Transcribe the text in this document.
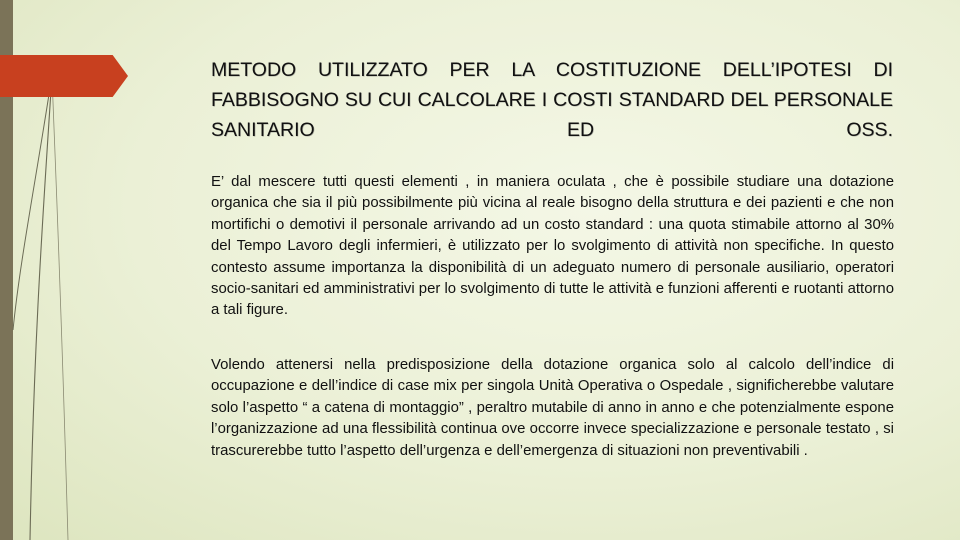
METODO UTILIZZATO PER LA COSTITUZIONE DELL’IPOTESI DI FABBISOGNO SU CUI CALCOLARE I COSTI STANDARD DEL PERSONALE SANITARIO ED OSS.

E’ dal mescere tutti questi elementi , in maniera oculata , che è possibile studiare una dotazione organica che sia il più possibilmente più vicina al reale bisogno della struttura e dei pazienti e che non mortifichi o demotivi il personale arrivando ad un costo standard : una quota stimabile attorno al 30% del Tempo Lavoro degli infermieri, è utilizzato per lo svolgimento di attività non specifiche. In questo contesto assume importanza la disponibilità di un adeguato numero di personale ausiliario, operatori socio-sanitari ed amministrativi per lo svolgimento di tutte le attività e funzioni afferenti e ruotanti attorno a tali figure.

Volendo attenersi nella predisposizione della dotazione organica solo al calcolo dell’indice di occupazione e dell’indice di case mix per singola Unità Operativa o Ospedale , significherebbe valutare solo l’aspetto “ a catena di montaggio” , peraltro mutabile di anno in anno e che potenzialmente espone l’organizzazione ad una flessibilità continua ove occorre invece specializzazione e personale testato , si trascurerebbe tutto l’aspetto dell’urgenza e dell’emergenza di situazioni non preventivabili .
